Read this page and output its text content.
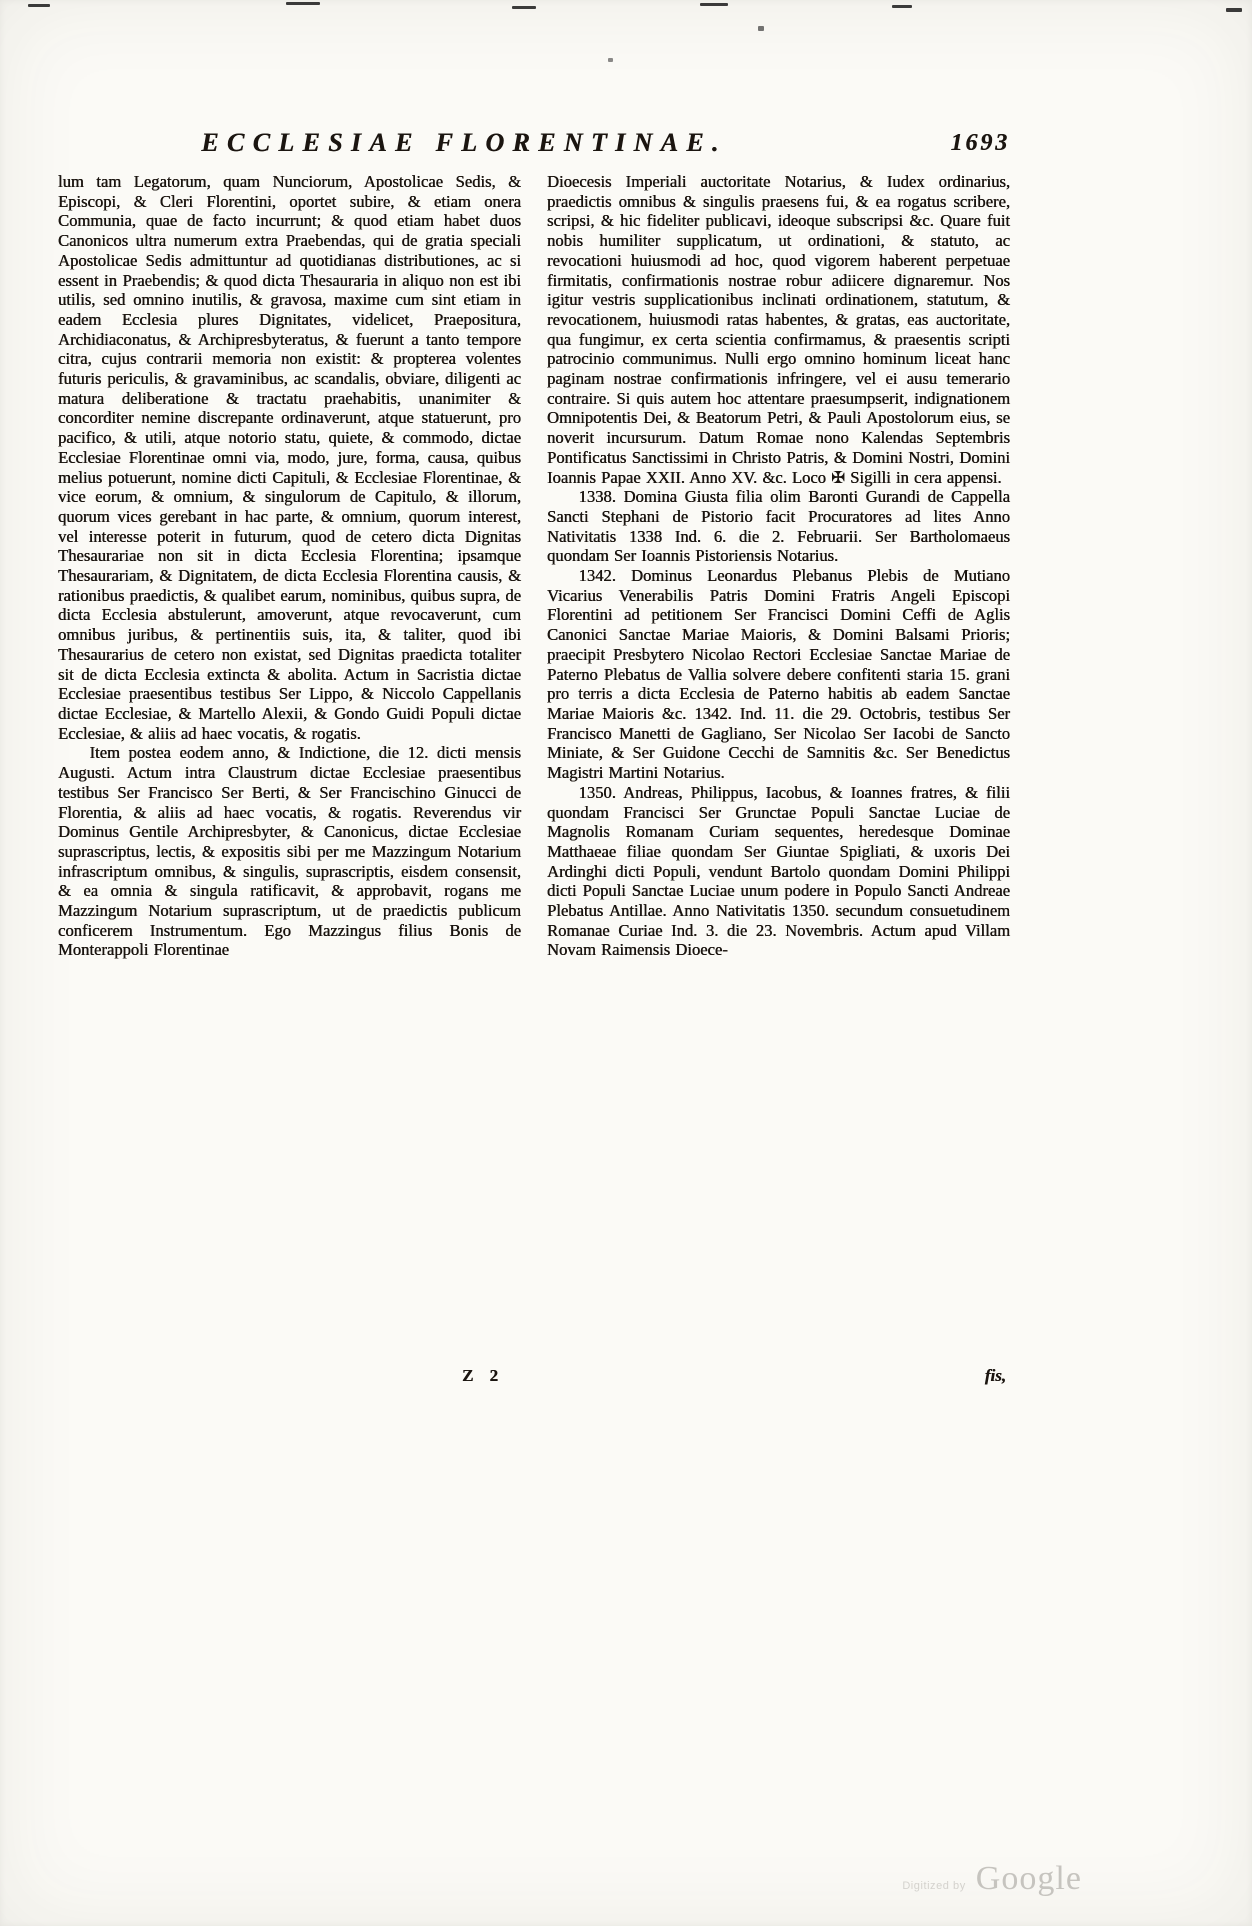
ECCLESIAE FLORENTINAE.	1693

lum tam Legatorum, quam Nunciorum, Apostolicae Sedis, & Episcopi, & Cleri Florentini, oportet subire, & etiam onera Communia, quae de facto incurrunt; & quod etiam habet duos Canonicos ultra numerum extra Praebendas, qui de gratia speciali Apostolicae Sedis admittuntur ad quotidianas distributiones, ac si essent in Praebendis; & quod dicta Thesauraria in aliquo non est ibi utilis, sed omnino inutilis, & gravosa, maxime cum sint etiam in eadem Ecclesia plures Dignitates, videlicet, Praepositura, Archidiaconatus, & Archipresbyteratus, & fuerunt a tanto tempore citra, cujus contrarii memoria non existit: & propterea volentes futuris periculis, & gravaminibus, ac scandalis, obviare, diligenti ac matura deliberatione & tractatu praehabitis, unanimiter & concorditer nemine discrepante ordinaverunt, atque statuerunt, pro pacifico, & utili, atque notorio statu, quiete, & commodo, dictae Ecclesiae Florentinae omni via, modo, jure, forma, causa, quibus melius potuerunt, nomine dicti Capituli, & Ecclesiae Florentinae, & vice eorum, & omnium, & singulorum de Capitulo, & illorum, quorum vices gerebant in hac parte, & omnium, quorum interest, vel interesse poterit in futurum, quod de cetero dicta Dignitas Thesaurariae non sit in dicta Ecclesia Florentina; ipsamque Thesaurariam, & Dignitatem, de dicta Ecclesia Florentina causis, & rationibus praedictis, & qualibet earum, nominibus, quibus supra, de dicta Ecclesia abstulerunt, amoverunt, atque revocaverunt, cum omnibus juribus, & pertinentiis suis, ita, & taliter, quod ibi Thesaurarius de cetero non existat, sed Dignitas praedicta totaliter sit de dicta Ecclesia extincta & abolita. Actum in Sacristia dictae Ecclesiae praesentibus testibus Ser Lippo, & Niccolo Cappellanis dictae Ecclesiae, & Martello Alexii, & Gondo Guidi Populi dictae Ecclesiae, & aliis ad haec vocatis, & rogatis.

Item postea eodem anno, & Indictione, die 12. dicti mensis Augusti. Actum intra Claustrum dictae Ecclesiae praesentibus testibus Ser Francisco Ser Berti, & Ser Francischino Ginucci de Florentia, & aliis ad haec vocatis, & rogatis. Reverendus vir Dominus Gentile Archipresbyter, & Canonicus, dictae Ecclesiae suprascriptus, lectis, & expositis sibi per me Mazzingum Notarium infrascriptum omnibus, & singulis, suprascriptis, eisdem consensit, & ea omnia & singula ratificavit, & approbavit, rogans me Mazzingum Notarium suprascriptum, ut de praedictis publicum conficerem Instrumentum. Ego Mazzingus filius Bonis de Monterappoli Florentinae

Dioecesis Imperiali auctoritate Notarius, & Iudex ordinarius, praedictis omnibus & singulis praesens fui, & ea rogatus scribere, scripsi, & hic fideliter publicavi, ideoque subscripsi &c. Quare fuit nobis humiliter supplicatum, ut ordinationi, & statuto, ac revocationi huiusmodi ad hoc, quod vigorem haberent perpetuae firmitatis, confirmationis nostrae robur adiicere dignaremur. Nos igitur vestris supplicationibus inclinati ordinationem, statutum, & revocationem, huiusmodi ratas habentes, & gratas, eas auctoritate, qua fungimur, ex certa scientia confirmamus, & praesentis scripti patrocinio communimus. Nulli ergo omnino hominum liceat hanc paginam nostrae confirmationis infringere, vel ei ausu temerario contraire. Si quis autem hoc attentare praesumpserit, indignationem Omnipotentis Dei, & Beatorum Petri, & Pauli Apostolorum eius, se noverit incursurum. Datum Romae nono Kalendas Septembris Pontificatus Sanctissimi in Christo Patris, & Domini Nostri, Domini Ioannis Papae XXII. Anno XV. &c. Loco ✠ Sigilli in cera appensi.

1338. Domina Giusta filia olim Baronti Gurandi de Cappella Sancti Stephani de Pistorio facit Procuratores ad lites Anno Nativitatis 1338 Ind. 6. die 2. Februarii. Ser Bartholomaeus quondam Ser Ioannis Pistoriensis Notarius.

1342. Dominus Leonardus Plebanus Plebis de Mutiano Vicarius Venerabilis Patris Domini Fratris Angeli Episcopi Florentini ad petitionem Ser Francisci Domini Ceffi de Aglis Canonici Sanctae Mariae Maioris, & Domini Balsami Prioris; praecipit Presbytero Nicolao Rectori Ecclesiae Sanctae Mariae de Paterno Plebatus de Vallia solvere debere confitenti staria 15. grani pro terris a dicta Ecclesia de Paterno habitis ab eadem Sanctae Mariae Maioris &c. 1342. Ind. 11. die 29. Octobris, testibus Ser Francisco Manetti de Gagliano, Ser Nicolao Ser Iacobi de Sancto Miniate, & Ser Guidone Cecchi de Samnitis &c. Ser Benedictus Magistri Martini Notarius.

1350. Andreas, Philippus, Iacobus, & Ioannes fratres, & filii quondam Francisci Ser Grunctae Populi Sanctae Luciae de Magnolis Romanam Curiam sequentes, heredesque Dominae Matthaeae filiae quondam Ser Giuntae Spigliati, & uxoris Dei Ardinghi dicti Populi, vendunt Bartolo quondam Domini Philippi dicti Populi Sanctae Luciae unum podere in Populo Sancti Andreae Plebatus Antillae. Anno Nativitatis 1350. secundum consuetudinem Romanae Curiae Ind. 3. die 23. Novembris. Actum apud Villam Novam Raimensis Dioece-

Z 2	fis,
Digitized by Google
